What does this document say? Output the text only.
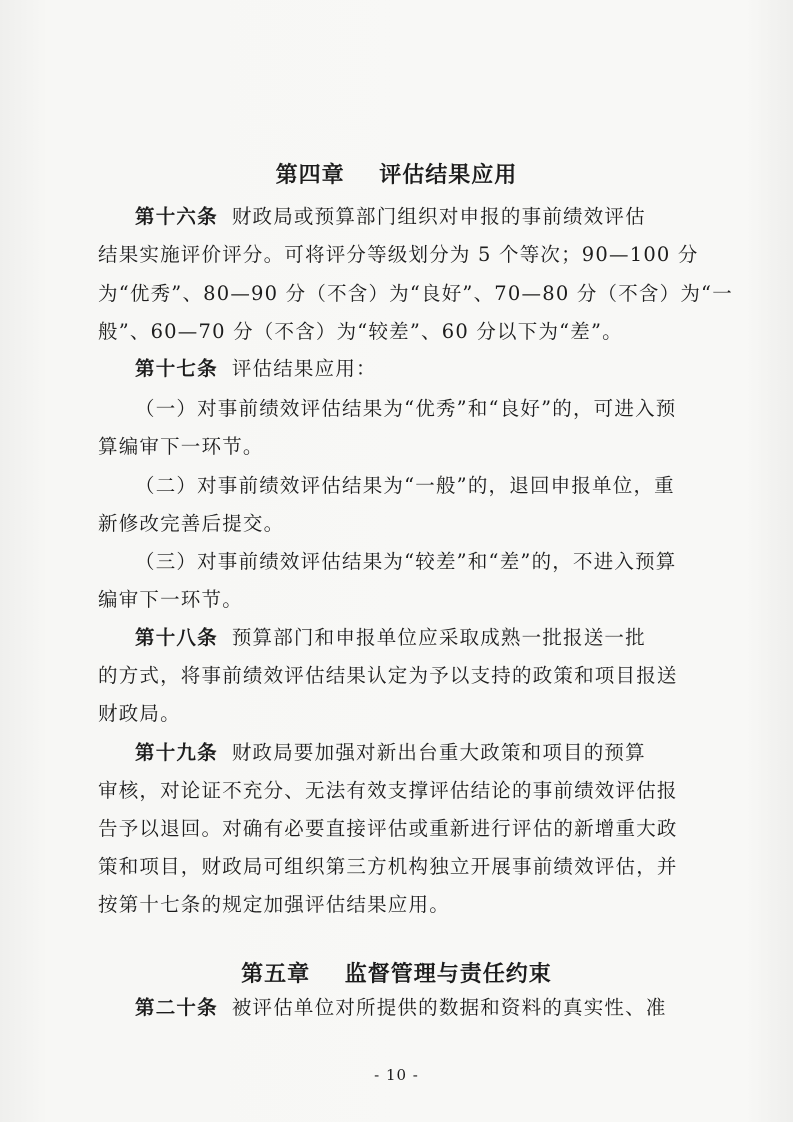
第四章    评估结果应用
第十六条 财政局或预算部门组织对申报的事前绩效评估
结果实施评价评分。可将评分等级划分为 5 个等次；90—100 分
为“优秀”、80—90 分（不含）为“良好”、70—80 分（不含）为“一
般”、60—70 分（不含）为“较差”、60 分以下为“差”。
第十七条 评估结果应用：
（一）对事前绩效评估结果为“优秀”和“良好”的，可进入预
算编审下一环节。
（二）对事前绩效评估结果为“一般”的，退回申报单位，重
新修改完善后提交。
（三）对事前绩效评估结果为“较差”和“差”的，不进入预算
编审下一环节。
第十八条 预算部门和申报单位应采取成熟一批报送一批
的方式，将事前绩效评估结果认定为予以支持的政策和项目报送
财政局。
第十九条 财政局要加强对新出台重大政策和项目的预算
审核，对论证不充分、无法有效支撑评估结论的事前绩效评估报
告予以退回。对确有必要直接评估或重新进行评估的新增重大政
策和项目，财政局可组织第三方机构独立开展事前绩效评估，并
按第十七条的规定加强评估结果应用。
第五章    监督管理与责任约束
第二十条 被评估单位对所提供的数据和资料的真实性、准
- 10 -
